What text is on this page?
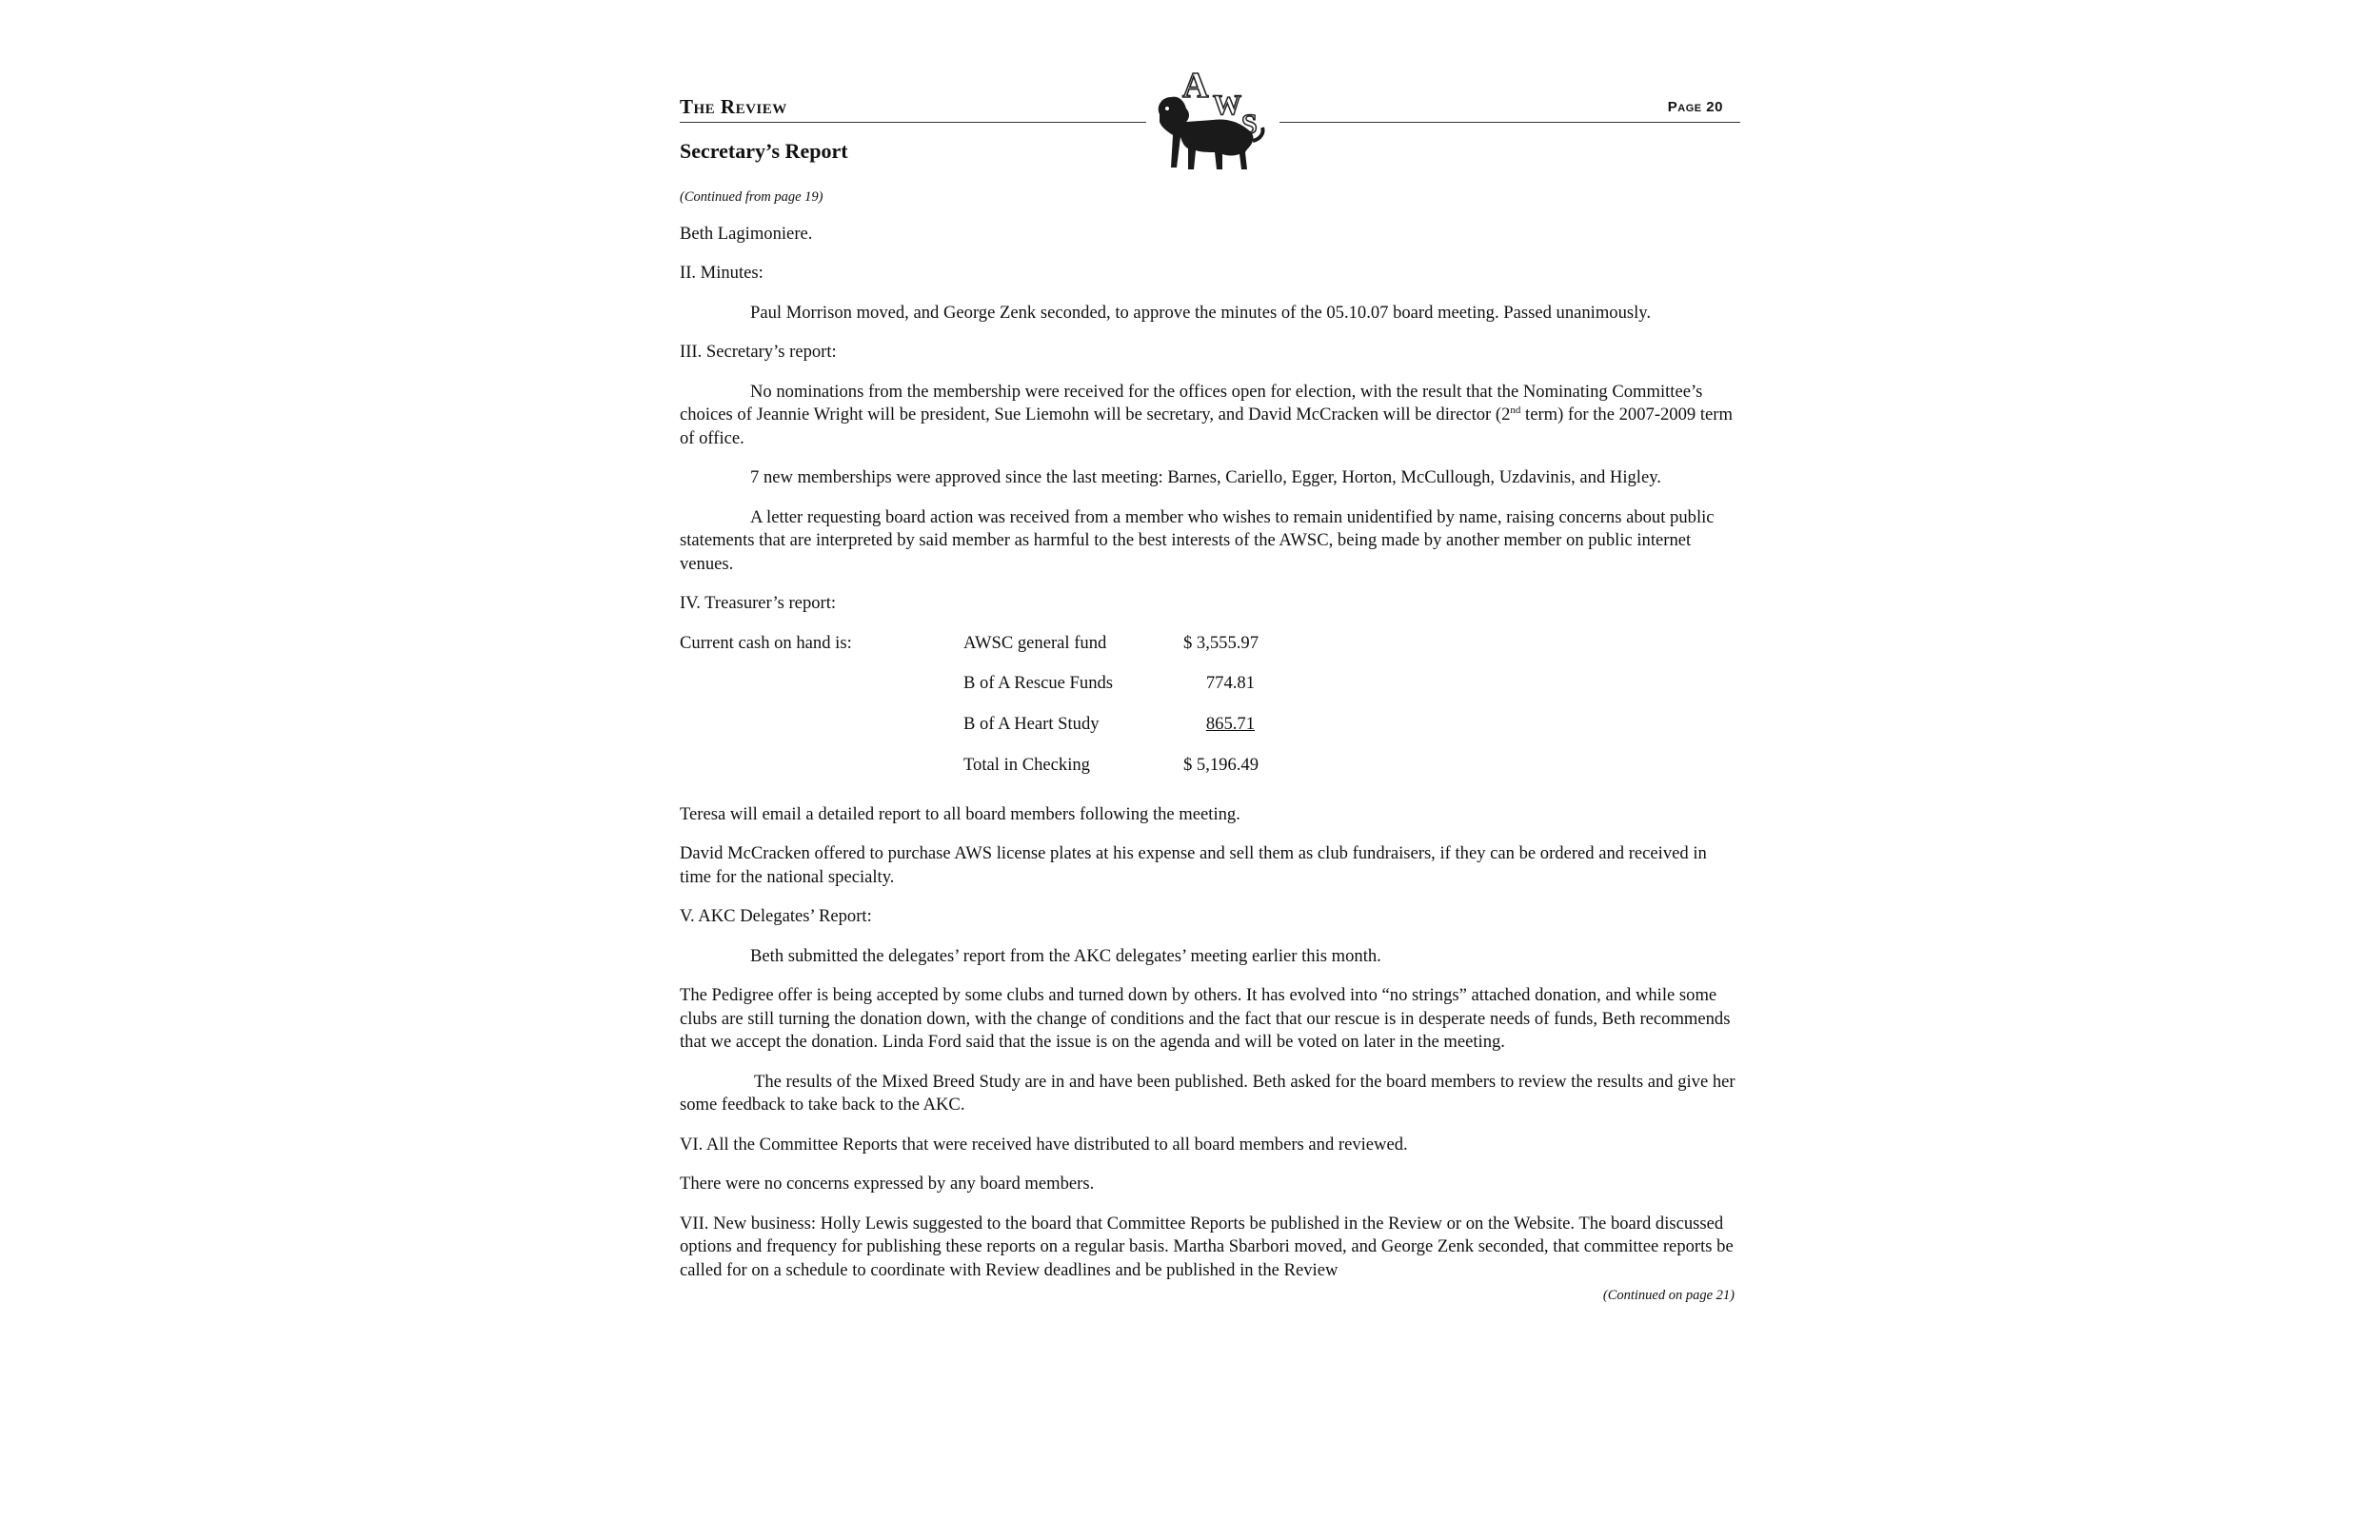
The Review	Page 20
A W
S
Secretary’s Report

(Continued from page 19)

Beth Lagimoniere.

II. Minutes:

Paul Morrison moved, and George Zenk seconded, to approve the minutes of the 05.10.07 board meeting. Passed unanimously.

III. Secretary’s report:

No nominations from the membership were received for the offices open for election, with the result that the Nominating Committee’s choices of Jeannie Wright will be president, Sue Liemohn will be secretary, and David McCracken will be director (2nd term) for the 2007-2009 term of office.

7 new memberships were approved since the last meeting: Barnes, Cariello, Egger, Horton, McCullough, Uzdavinis, and Higley.

A letter requesting board action was received from a member who wishes to remain unidentified by name, raising concerns about public statements that are interpreted by said member as harmful to the best interests of the AWSC, being made by another member on public internet venues.

IV. Treasurer’s report:

Current cash on hand is:	AWSC general fund	$ 3,555.97
B of A Rescue Funds	774.81
B of A Heart Study	865.71
Total in Checking	$ 5,196.49

Teresa will email a detailed report to all board members following the meeting.

David McCracken offered to purchase AWS license plates at his expense and sell them as club fundraisers, if they can be ordered and received in time for the national specialty.

V. AKC Delegates’ Report:

Beth submitted the delegates’ report from the AKC delegates’ meeting earlier this month.

The Pedigree offer is being accepted by some clubs and turned down by others. It has evolved into “no strings” attached donation, and while some clubs are still turning the donation down, with the change of conditions and the fact that our rescue is in desperate needs of funds, Beth recommends that we accept the donation. Linda Ford said that the issue is on the agenda and will be voted on later in the meeting.

The results of the Mixed Breed Study are in and have been published. Beth asked for the board members to review the results and give her some feedback to take back to the AKC.

VI. All the Committee Reports that were received have distributed to all board members and reviewed.

There were no concerns expressed by any board members.

VII. New business: Holly Lewis suggested to the board that Committee Reports be published in the Review or on the Website. The board discussed options and frequency for publishing these reports on a regular basis. Martha Sbarbori moved, and George Zenk seconded, that committee reports be called for on a schedule to coordinate with Review deadlines and be published in the Review

(Continued on page 21)
